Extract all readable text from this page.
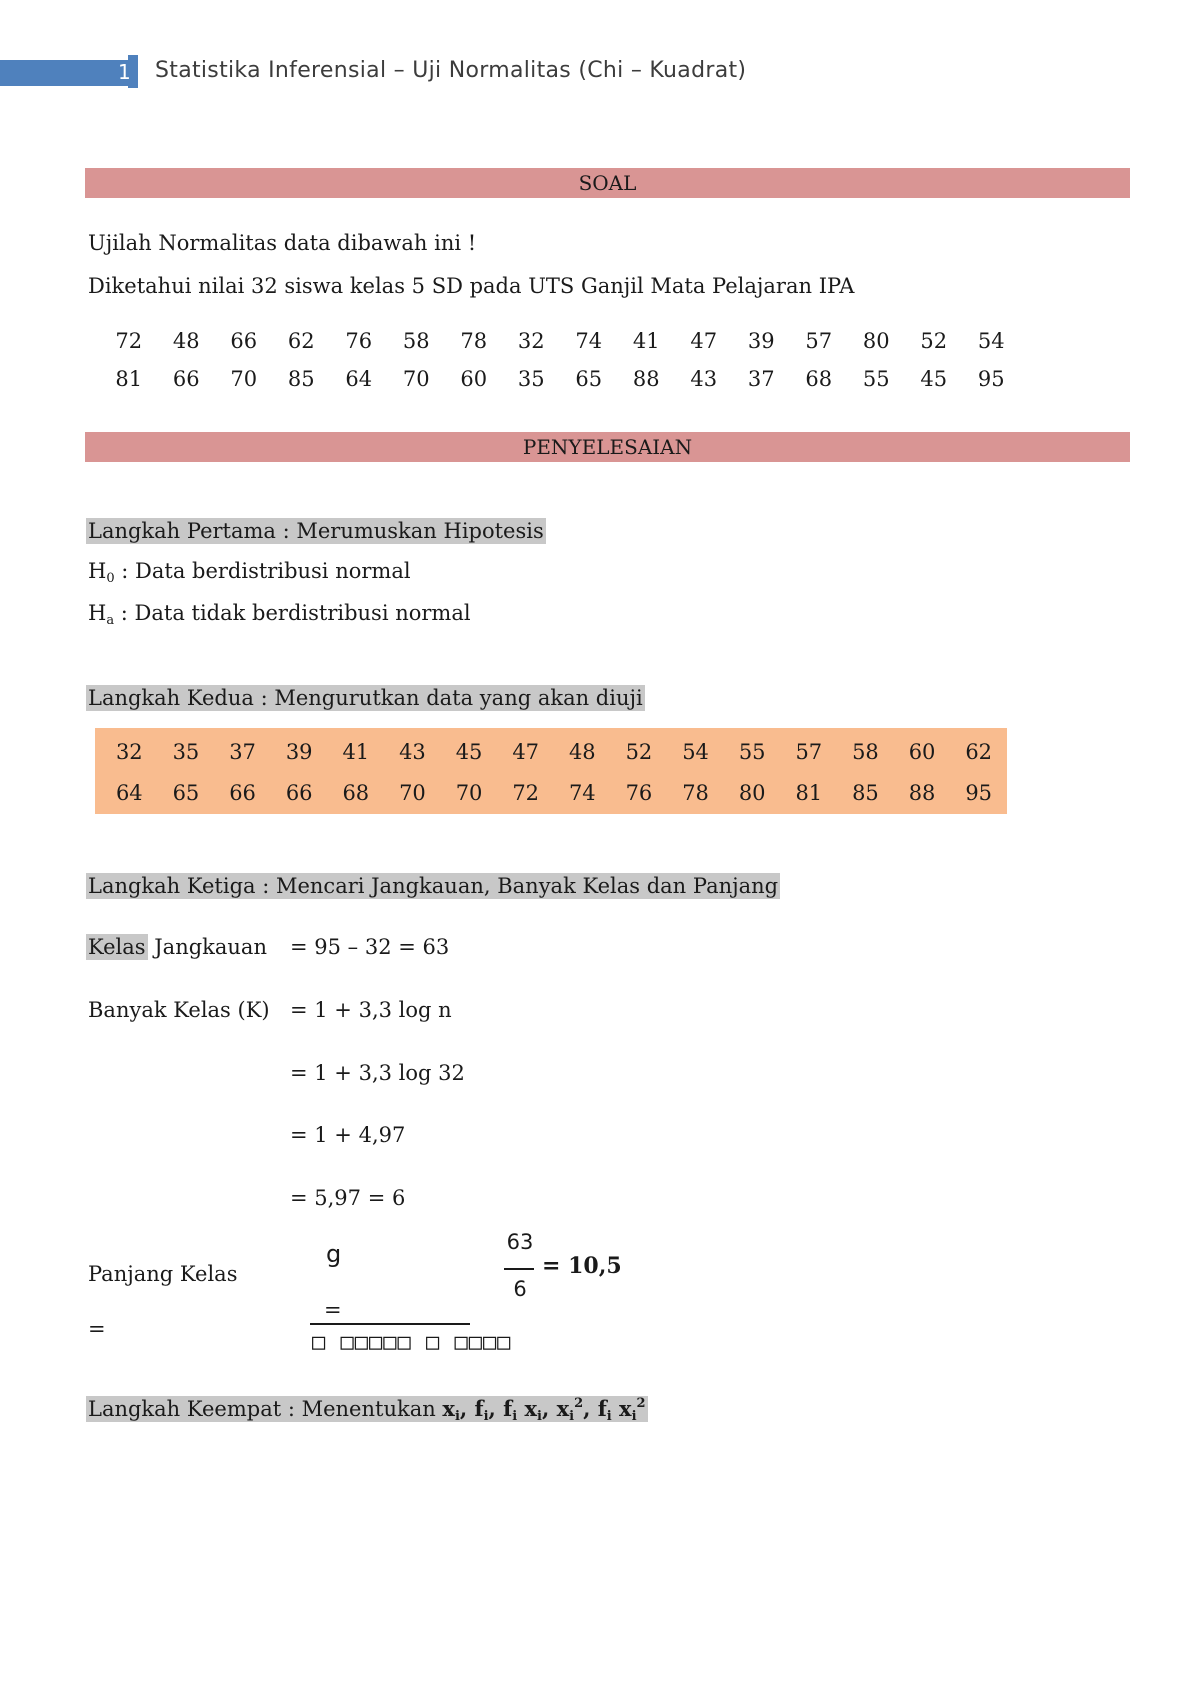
1 Statistika Inferensial – Uji Normalitas (Chi – Kuadrat)
SOAL
Ujilah Normalitas data dibawah ini !
Diketahui nilai 32 siswa kelas 5 SD pada UTS Ganjil Mata Pelajaran IPA
72	48	66	62	76	58	78	32	74	41	47	39	57	80	52	54
81	66	70	85	64	70	60	35	65	88	43	37	68	55	45	95
PENYELESAIAN
Langkah Pertama : Merumuskan Hipotesis
$H_0$ : Data berdistribusi normal
$H_a$ : Data tidak berdistribusi normal
Langkah Kedua : Mengurutkan data yang akan diuji
32	35	37	39	41	43	45	47	48	52	54	55	57	58	60	62
64	65	66	66	68	70	70	72	74	76	78	80	81	85	88	95
Langkah Ketiga : Mencari Jangkauan, Banyak Kelas dan Panjang
Kelas Jangkauan = 95 – 32 = 63
Banyak Kelas (K) = 1 + 3,3 log n
= 1 + 3,3 log 32
= 1 + 4,97
= 5,97 = 6
Panjang Kelas
=
g
=
□ □□□□□ □ □□□□
63
6
= 10,5
Langkah Keempat : Menentukan $x_i$, $f_i$, $f_i$ $x_i$, $x_i^2$, $f_i$ $x_i^2$
